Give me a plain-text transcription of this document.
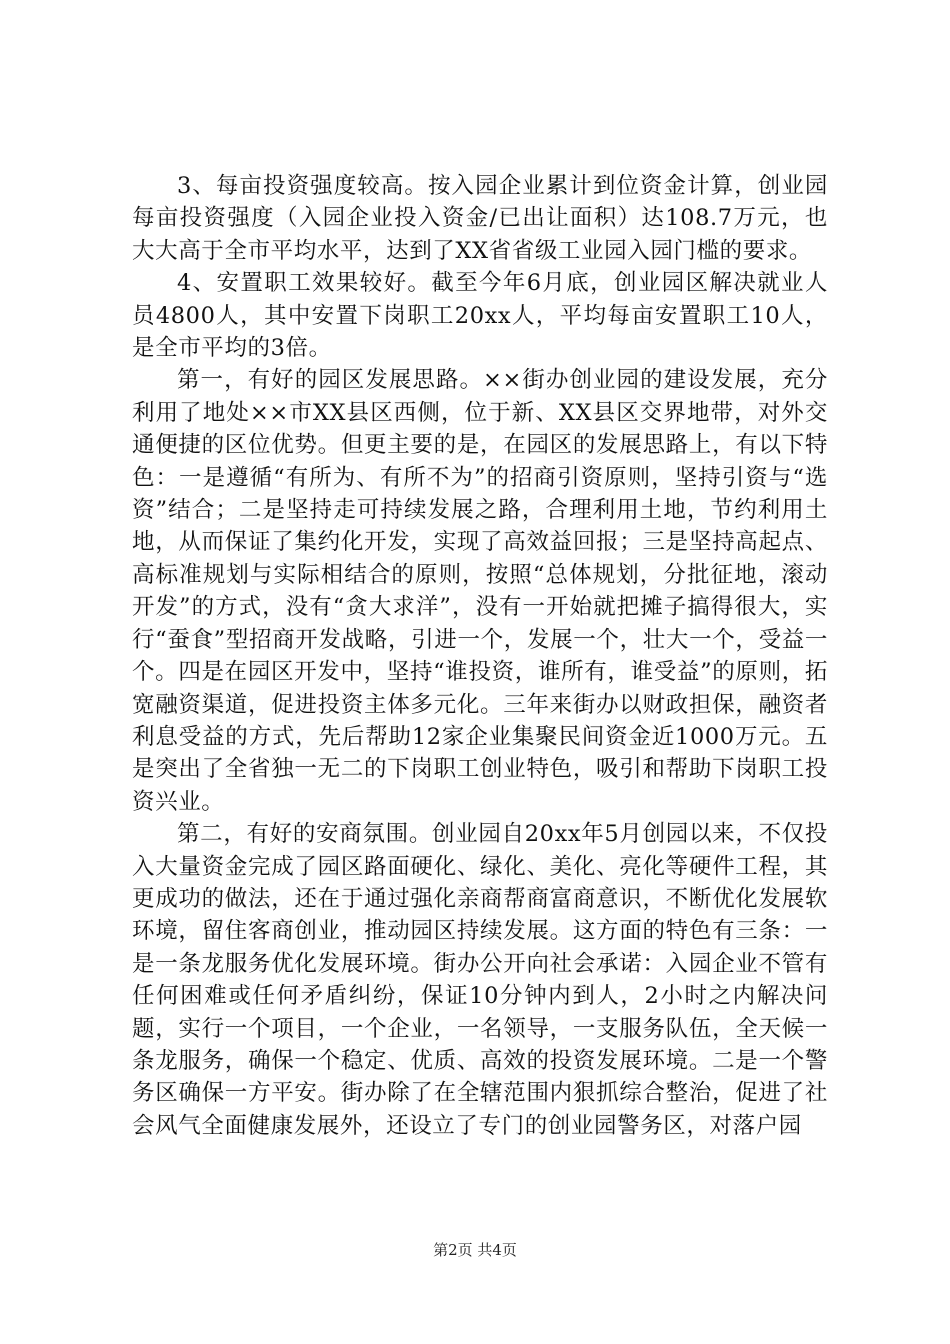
3、每亩投资强度较高。按入园企业累计到位资金计算，创业园每亩投资强度（入园企业投入资金/已出让面积）达108.7万元，也大大高于全市平均水平，达到了XX省省级工业园入园门槛的要求。

4、安置职工效果较好。截至今年6月底，创业园区解决就业人员4800人，其中安置下岗职工20xx人，平均每亩安置职工10人，是全市平均的3倍。

第一，有好的园区发展思路。××街办创业园的建设发展，充分利用了地处××市XX县区西侧，位于新、XX县区交界地带，对外交通便捷的区位优势。但更主要的是，在园区的发展思路上，有以下特色：一是遵循“有所为、有所不为”的招商引资原则，坚持引资与“选资”结合；二是坚持走可持续发展之路，合理利用土地，节约利用土地，从而保证了集约化开发，实现了高效益回报；三是坚持高起点、高标准规划与实际相结合的原则，按照“总体规划，分批征地，滚动开发”的方式，没有“贪大求洋”，没有一开始就把摊子搞得很大，实行“蚕食”型招商开发战略，引进一个，发展一个，壮大一个，受益一个。四是在园区开发中，坚持“谁投资，谁所有，谁受益”的原则，拓宽融资渠道，促进投资主体多元化。三年来街办以财政担保，融资者利息受益的方式，先后帮助12家企业集聚民间资金近1000万元。五是突出了全省独一无二的下岗职工创业特色，吸引和帮助下岗职工投资兴业。

第二，有好的安商氛围。创业园自20xx年5月创园以来，不仅投入大量资金完成了园区路面硬化、绿化、美化、亮化等硬件工程，其更成功的做法，还在于通过强化亲商帮商富商意识，不断优化发展软环境，留住客商创业，推动园区持续发展。这方面的特色有三条：一是一条龙服务优化发展环境。街办公开向社会承诺：入园企业不管有任何困难或任何矛盾纠纷，保证10分钟内到人，2小时之内解决问题，实行一个项目，一个企业，一名领导，一支服务队伍，全天候一条龙服务，确保一个稳定、优质、高效的投资发展环境。二是一个警务区确保一方平安。街办除了在全辖范围内狠抓综合整治，促进了社会风气全面健康发展外，还设立了专门的创业园警务区，对落户园

第2页 共4页
